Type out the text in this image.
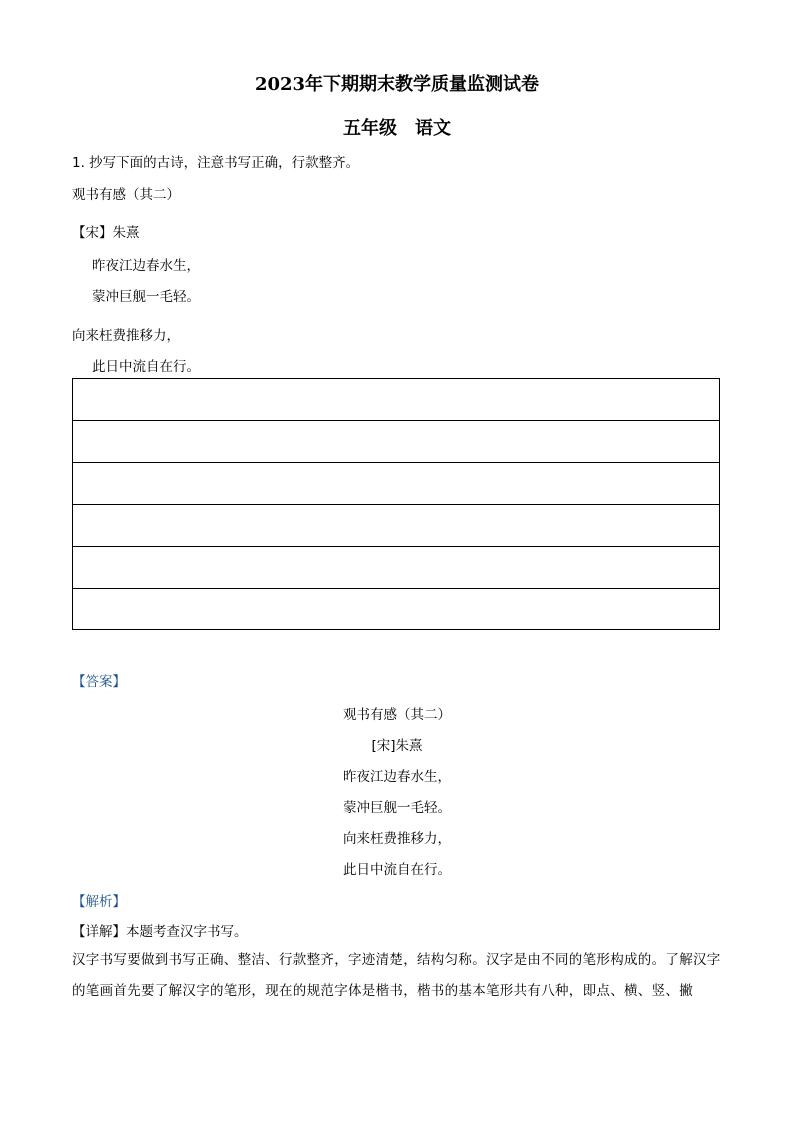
2023年下期期末教学质量监测试卷
五年级　语文
1. 抄写下面的古诗，注意书写正确，行款整齐。
观书有感（其二）
【宋】朱熹
昨夜江边春水生，
蒙冲巨舰一毛轻。
向来枉费推移力，
此日中流自在行。
【答案】
观书有感（其二）
[宋]朱熹
昨夜江边春水生，
蒙冲巨舰一毛轻。
向来枉费推移力，
此日中流自在行。
【解析】
【详解】本题考查汉字书写。
汉字书写要做到书写正确、整洁、行款整齐，字迹清楚，结构匀称。汉字是由不同的笔形构成的。了解汉字的笔画首先要了解汉字的笔形，现在的规范字体是楷书，楷书的基本笔形共有八种，即点、横、竖、撇
